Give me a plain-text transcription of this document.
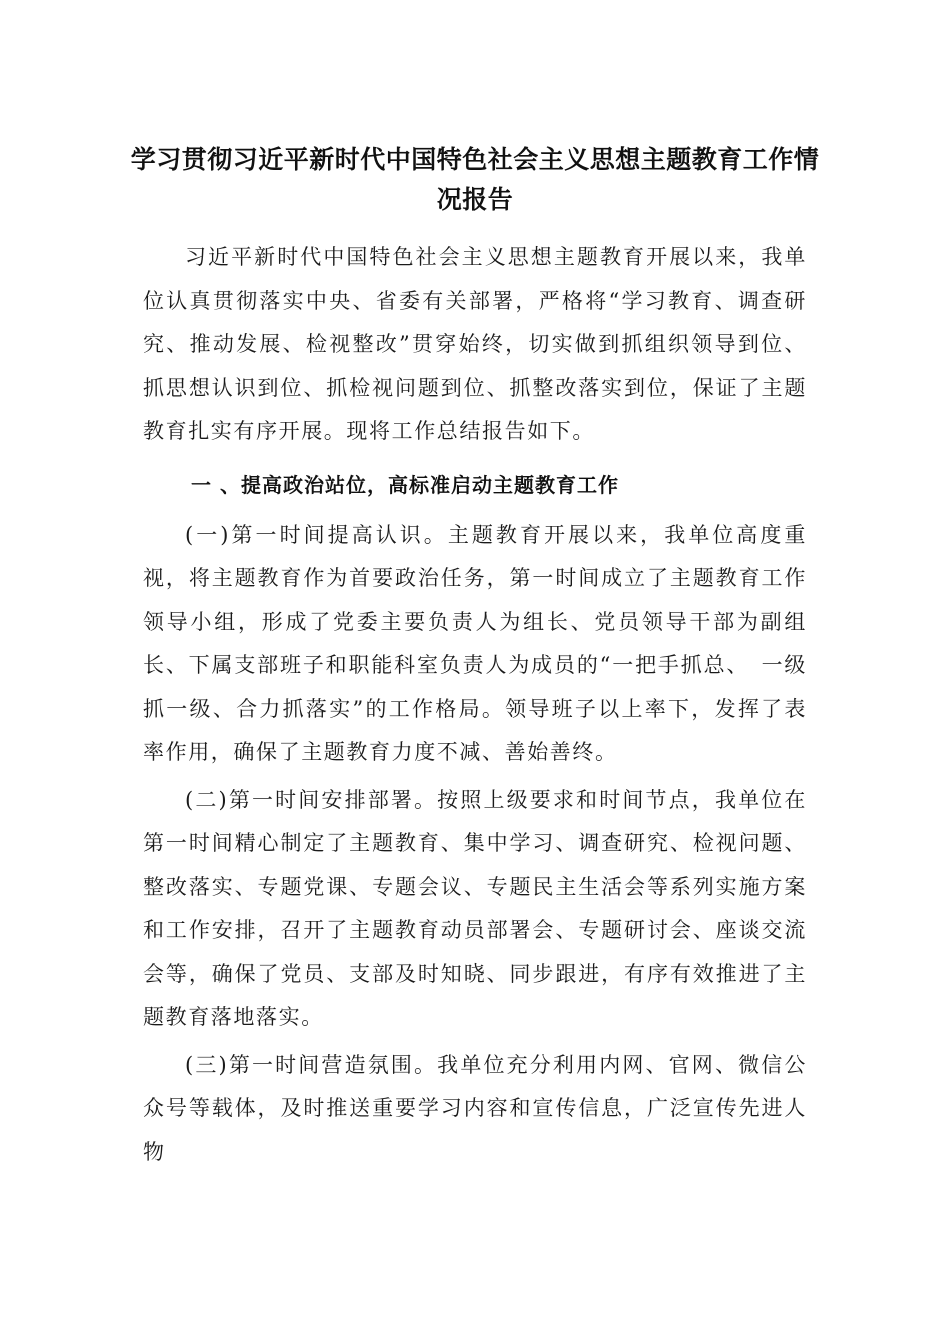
学习贯彻习近平新时代中国特色社会主义思想主题教育工作情况报告

习近平新时代中国特色社会主义思想主题教育开展以来，我单位认真贯彻落实中央、省委有关部署，严格将“学习教育、调查研究、推动发展、检视整改”贯穿始终，切实做到抓组织领导到位、抓思想认识到位、抓检视问题到位、抓整改落实到位，保证了主题教育扎实有序开展。现将工作总结报告如下。

一 、提高政治站位，高标准启动主题教育工作

(一)第一时间提高认识。主题教育开展以来，我单位高度重视，将主题教育作为首要政治任务，第一时间成立了主题教育工作领导小组，形成了党委主要负责人为组长、党员领导干部为副组长、下属支部班子和职能科室负责人为成员的“一把手抓总、　一级抓一级、合力抓落实”的工作格局。领导班子以上率下，发挥了表率作用，确保了主题教育力度不减、善始善终。

(二)第一时间安排部署。按照上级要求和时间节点，我单位在第一时间精心制定了主题教育、集中学习、调查研究、检视问题、整改落实、专题党课、专题会议、专题民主生活会等系列实施方案和工作安排，召开了主题教育动员部署会、专题研讨会、座谈交流会等，确保了党员、支部及时知晓、同步跟进，有序有效推进了主题教育落地落实。

(三)第一时间营造氛围。我单位充分利用内网、官网、微信公众号等载体，及时推送重要学习内容和宣传信息，广泛宣传先进人物
